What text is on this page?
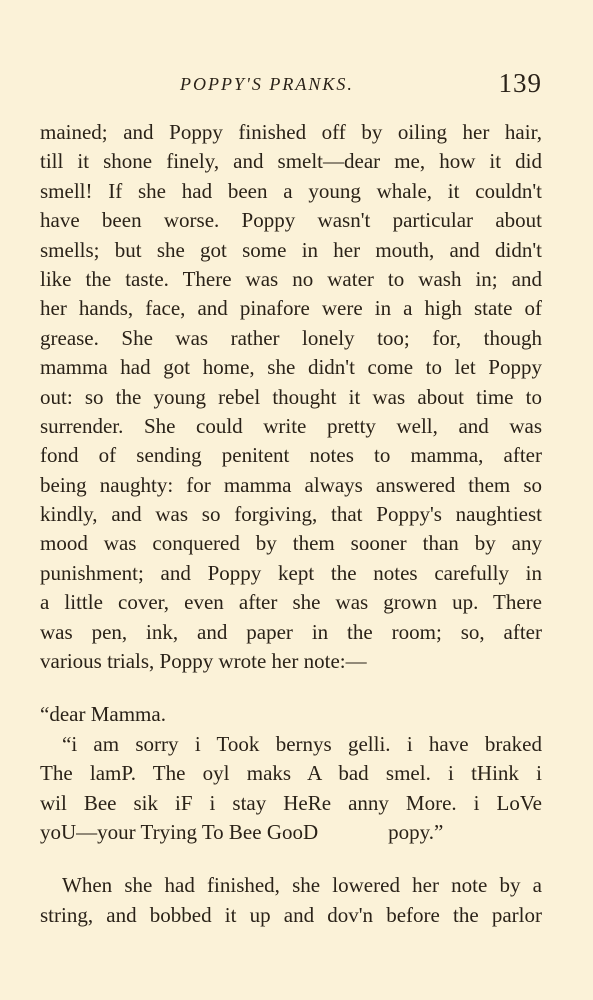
POPPY'S PRANKS.	139
mained; and Poppy finished off by oiling her hair,
till it shone finely, and smelt—dear me, how it did
smell! If she had been a young whale, it couldn't
have been worse. Poppy wasn't particular about
smells; but she got some in her mouth, and didn't
like the taste. There was no water to wash in; and
her hands, face, and pinafore were in a high state of
grease. She was rather lonely too; for, though
mamma had got home, she didn't come to let Poppy
out: so the young rebel thought it was about time to
surrender. She could write pretty well, and was
fond of sending penitent notes to mamma, after
being naughty: for mamma always answered them so
kindly, and was so forgiving, that Poppy's naughtiest
mood was conquered by them sooner than by any
punishment; and Poppy kept the notes carefully in
a little cover, even after she was grown up. There
was pen, ink, and paper in the room; so, after
various trials, Poppy wrote her note:—
“dear Mamma.
“i am sorry i Took bernys gelli. i have braked
The lamP. The oyl maks A bad smel. i tHink i
wil Bee sik iF i stay HeRe anny More. i LoVe
yoU—your Trying To Bee GooD	popy.”
When she had finished, she lowered her note by a
string, and bobbed it up and dov'n before the parlor
